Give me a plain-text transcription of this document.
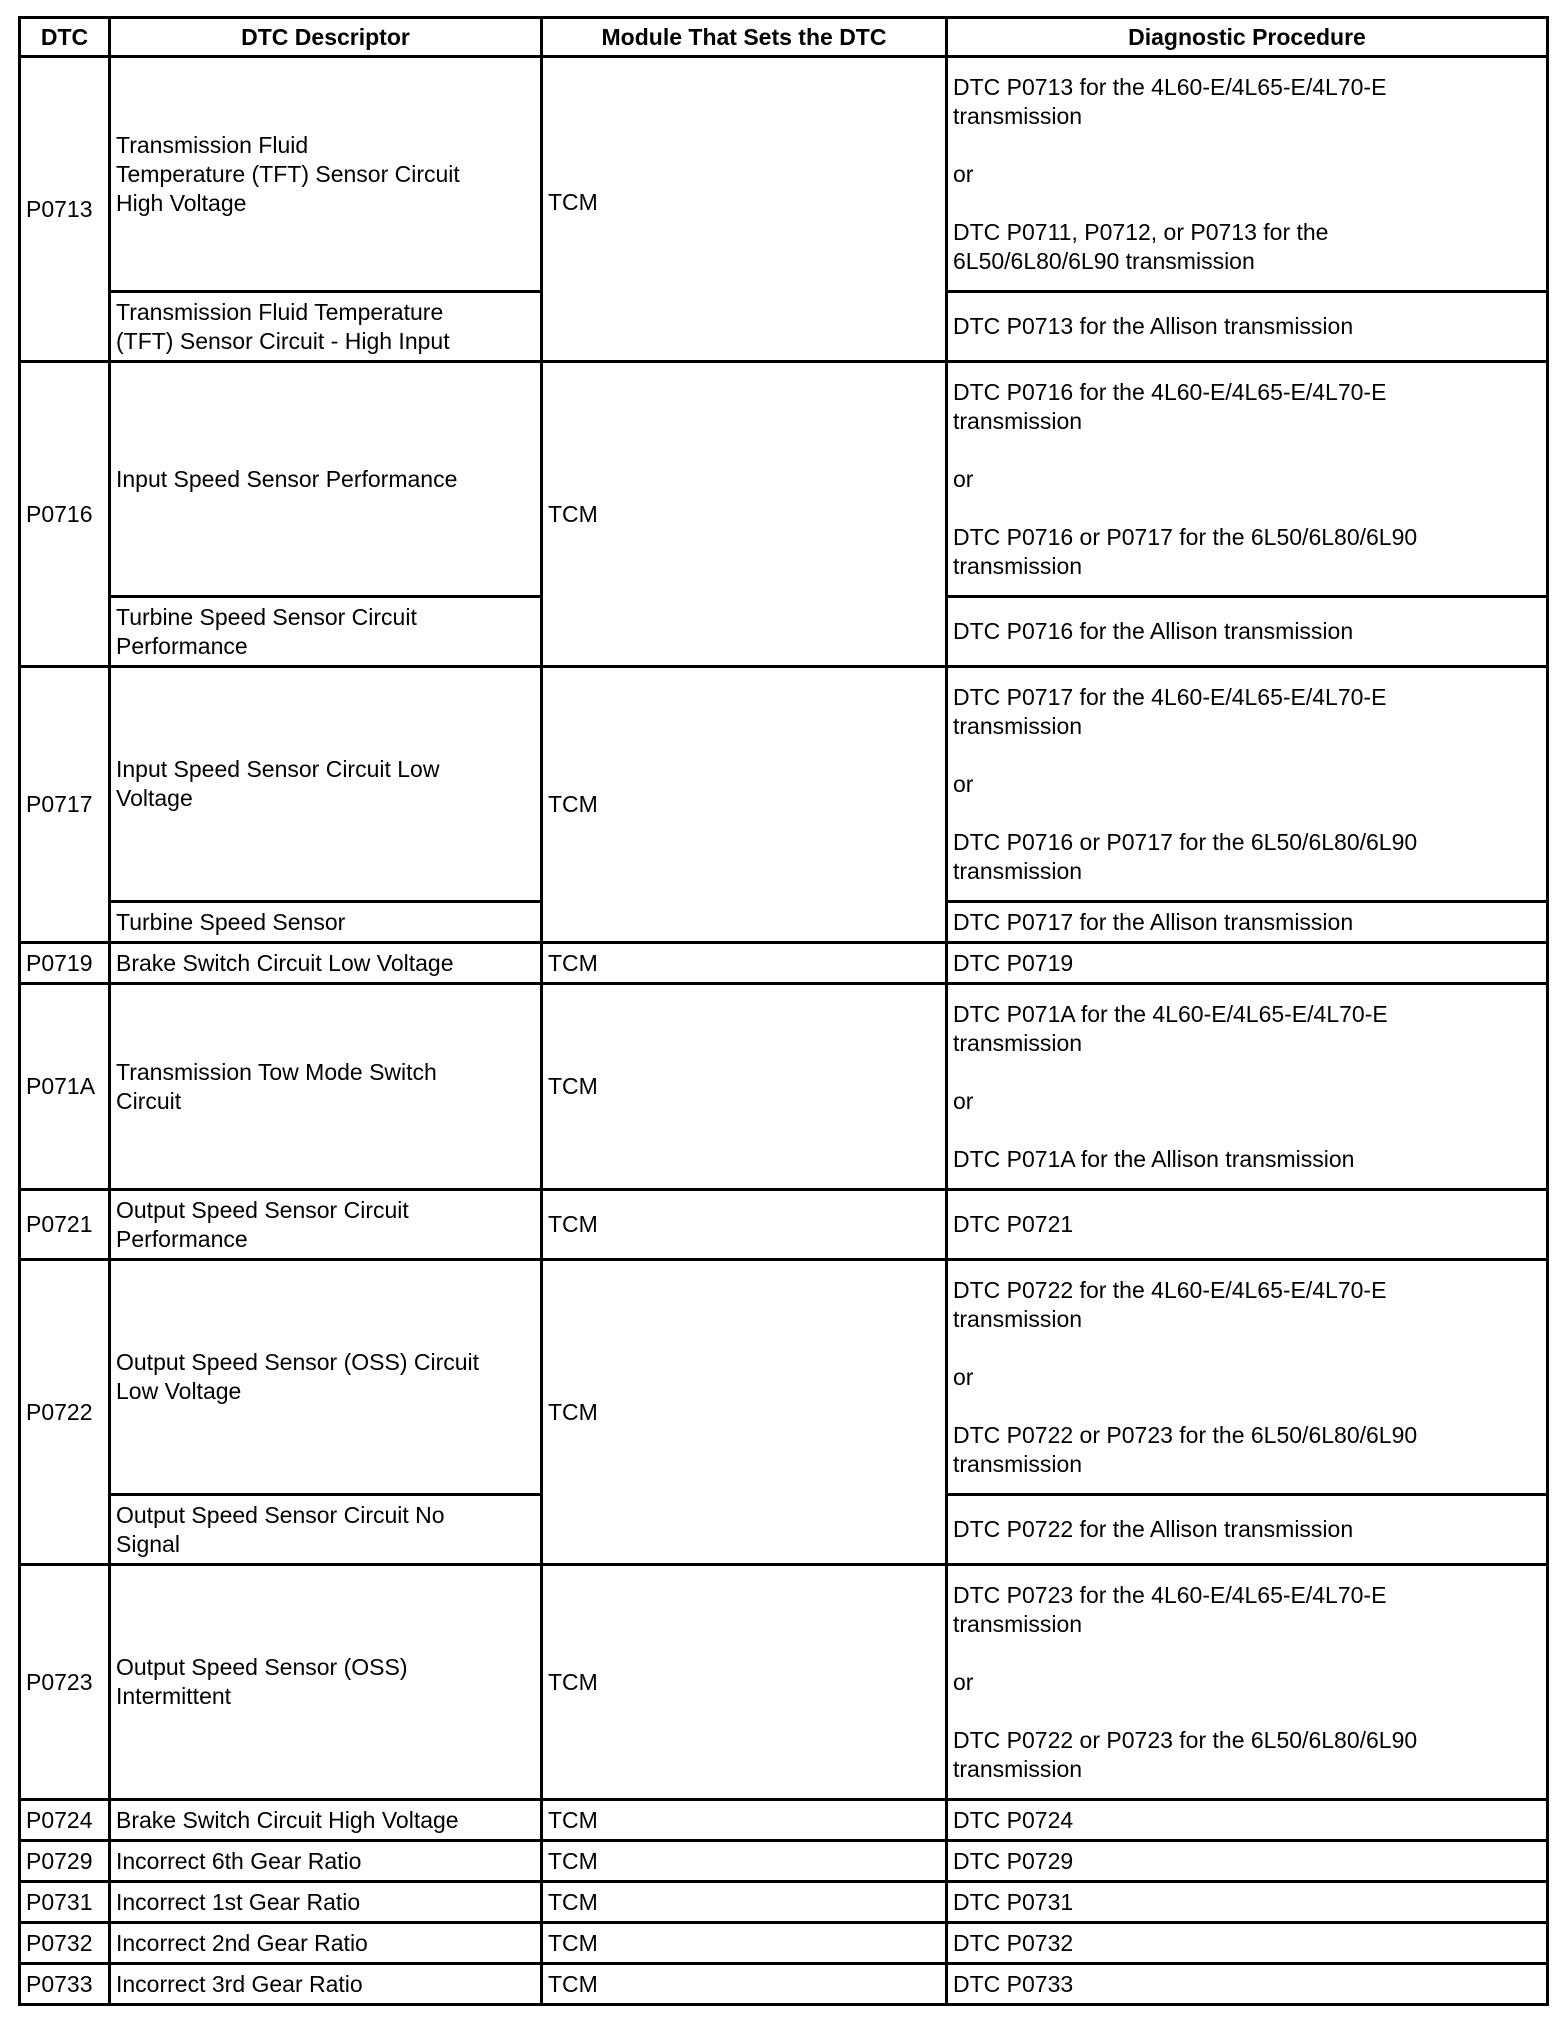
DTC	DTC Descriptor	Module That Sets the DTC	Diagnostic Procedure
P0713	Transmission Fluid
Temperature (TFT) Sensor Circuit
High Voltage	TCM	DTC P0713 for the 4L60-E/4L65-E/4L70-E
transmission

or

DTC P0711, P0712, or P0713 for the
6L50/6L80/6L90 transmission
	Transmission Fluid Temperature
(TFT) Sensor Circuit - High Input		DTC P0713 for the Allison transmission
P0716	Input Speed Sensor Performance	TCM	DTC P0716 for the 4L60-E/4L65-E/4L70-E
transmission

or

DTC P0716 or P0717 for the 6L50/6L80/6L90
transmission
	Turbine Speed Sensor Circuit
Performance		DTC P0716 for the Allison transmission
P0717	Input Speed Sensor Circuit Low
Voltage	TCM	DTC P0717 for the 4L60-E/4L65-E/4L70-E
transmission

or

DTC P0716 or P0717 for the 6L50/6L80/6L90
transmission
	Turbine Speed Sensor		DTC P0717 for the Allison transmission
P0719	Brake Switch Circuit Low Voltage	TCM	DTC P0719
P071A	Transmission Tow Mode Switch
Circuit	TCM	DTC P071A for the 4L60-E/4L65-E/4L70-E
transmission

or

DTC P071A for the Allison transmission
P0721	Output Speed Sensor Circuit
Performance	TCM	DTC P0721
P0722	Output Speed Sensor (OSS) Circuit
Low Voltage	TCM	DTC P0722 for the 4L60-E/4L65-E/4L70-E
transmission

or

DTC P0722 or P0723 for the 6L50/6L80/6L90
transmission
	Output Speed Sensor Circuit No
Signal		DTC P0722 for the Allison transmission
P0723	Output Speed Sensor (OSS)
Intermittent	TCM	DTC P0723 for the 4L60-E/4L65-E/4L70-E
transmission

or

DTC P0722 or P0723 for the 6L50/6L80/6L90
transmission
P0724	Brake Switch Circuit High Voltage	TCM	DTC P0724
P0729	Incorrect 6th Gear Ratio	TCM	DTC P0729
P0731	Incorrect 1st Gear Ratio	TCM	DTC P0731
P0732	Incorrect 2nd Gear Ratio	TCM	DTC P0732
P0733	Incorrect 3rd Gear Ratio	TCM	DTC P0733
